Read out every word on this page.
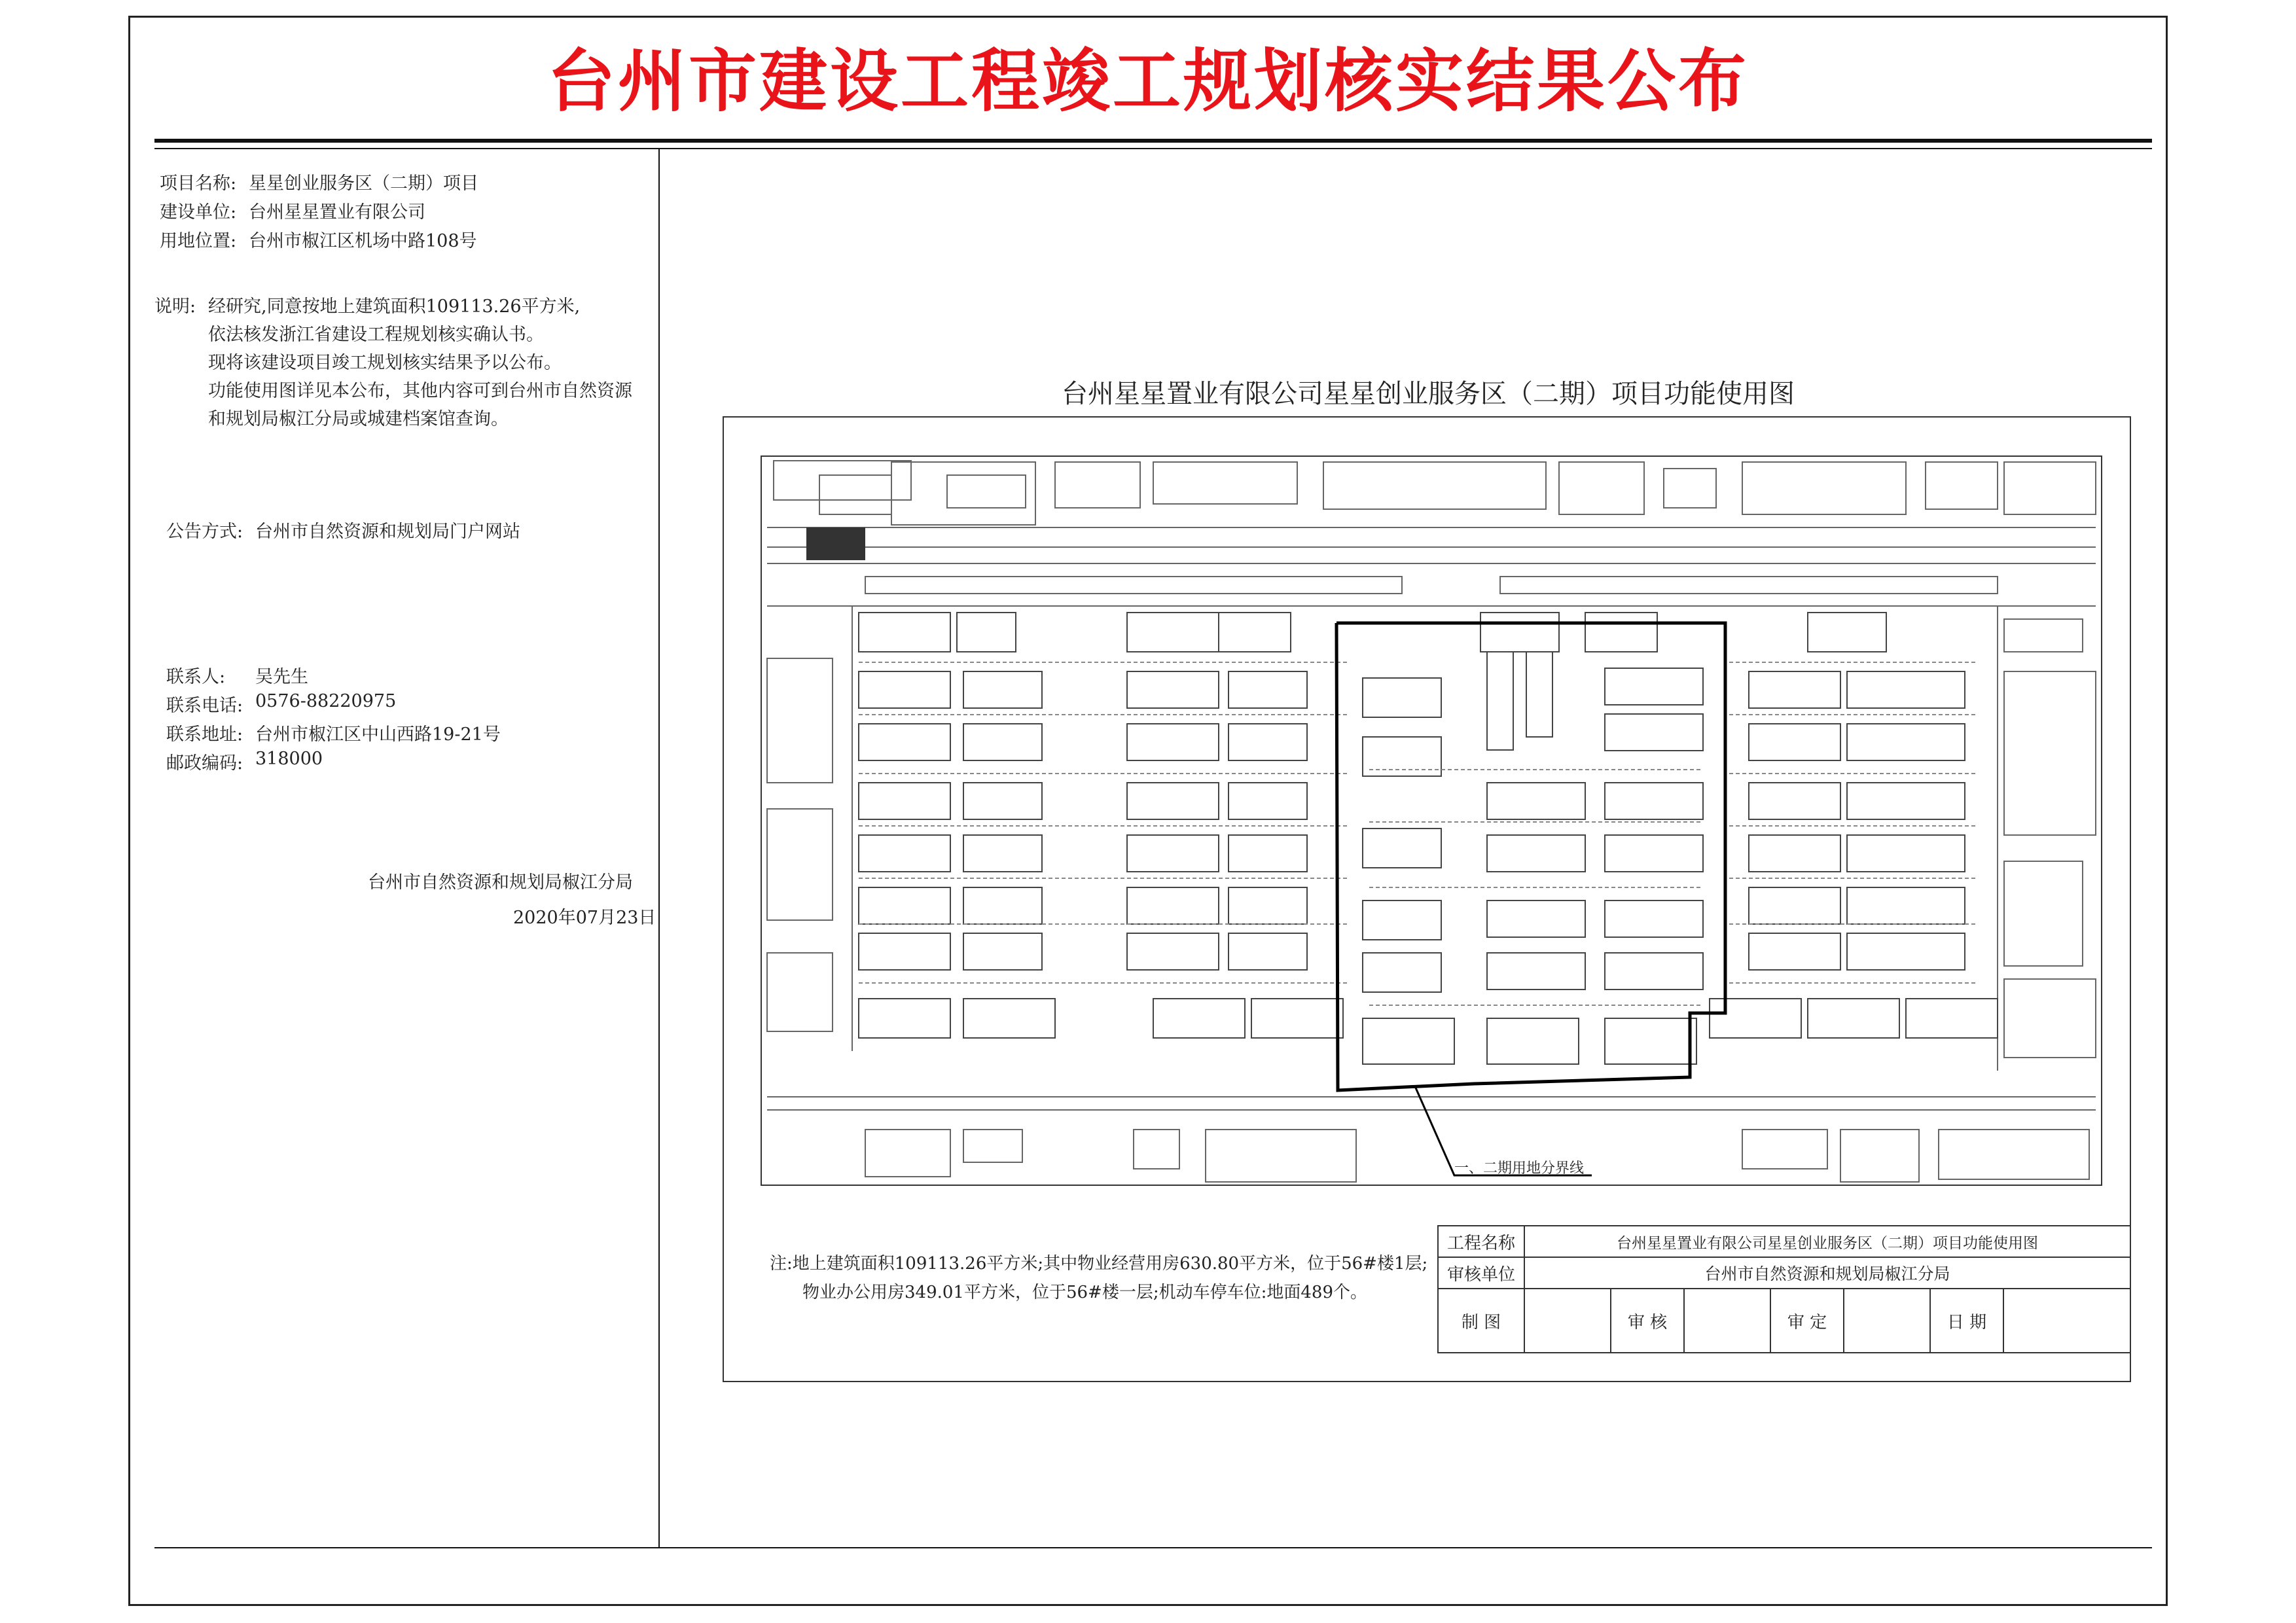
台州市建设工程竣工规划核实结果公布
项目名称: 星星创业服务区（二期）项目
建设单位: 台州星星置业有限公司
用地位置: 台州市椒江区机场中路108号
说明: 经研究,同意按地上建筑面积109113.26平方米,
依法核发浙江省建设工程规划核实确认书。
现将该建设项目竣工规划核实结果予以公布。
功能使用图详见本公布，其他内容可到台州市自然资源
和规划局椒江分局或城建档案馆查询。
公告方式: 台州市自然资源和规划局门户网站
联系人: 吴先生
联系电话: 0576-88220975
联系地址: 台州市椒江区中山西路19-21号
邮政编码: 318000
台州市自然资源和规划局椒江分局
2020年07月23日
台州星星置业有限公司星星创业服务区（二期）项目功能使用图
一、二期用地分界线
注:地上建筑面积109113.26平方米;其中物业经营用房630.80平方米，位于56#楼1层;
物业办公用房349.01平方米，位于56#楼一层;机动车停车位:地面489个。
工程名称	台州星星置业有限公司星星创业服务区（二期）项目功能使用图						
审核单位	台州市自然资源和规划局椒江分局						
制 图		审 核		审 定		日 期	
